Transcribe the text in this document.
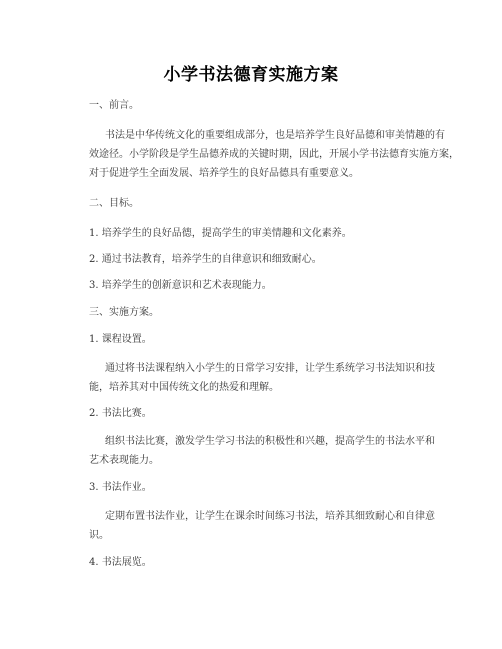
小学书法德育实施方案
一、前言。
书法是中华传统文化的重要组成部分，也是培养学生良好品德和审美情趣的有
效途径。小学阶段是学生品德养成的关键时期，因此，开展小学书法德育实施方案，
对于促进学生全面发展、培养学生的良好品德具有重要意义。
二、目标。
1. 培养学生的良好品德，提高学生的审美情趣和文化素养。
2. 通过书法教育，培养学生的自律意识和细致耐心。
3. 培养学生的创新意识和艺术表现能力。
三、实施方案。
1. 课程设置。
通过将书法课程纳入小学生的日常学习安排，让学生系统学习书法知识和技
能，培养其对中国传统文化的热爱和理解。
2. 书法比赛。
组织书法比赛，激发学生学习书法的积极性和兴趣，提高学生的书法水平和
艺术表现能力。
3. 书法作业。
定期布置书法作业，让学生在课余时间练习书法，培养其细致耐心和自律意
识。
4. 书法展览。
